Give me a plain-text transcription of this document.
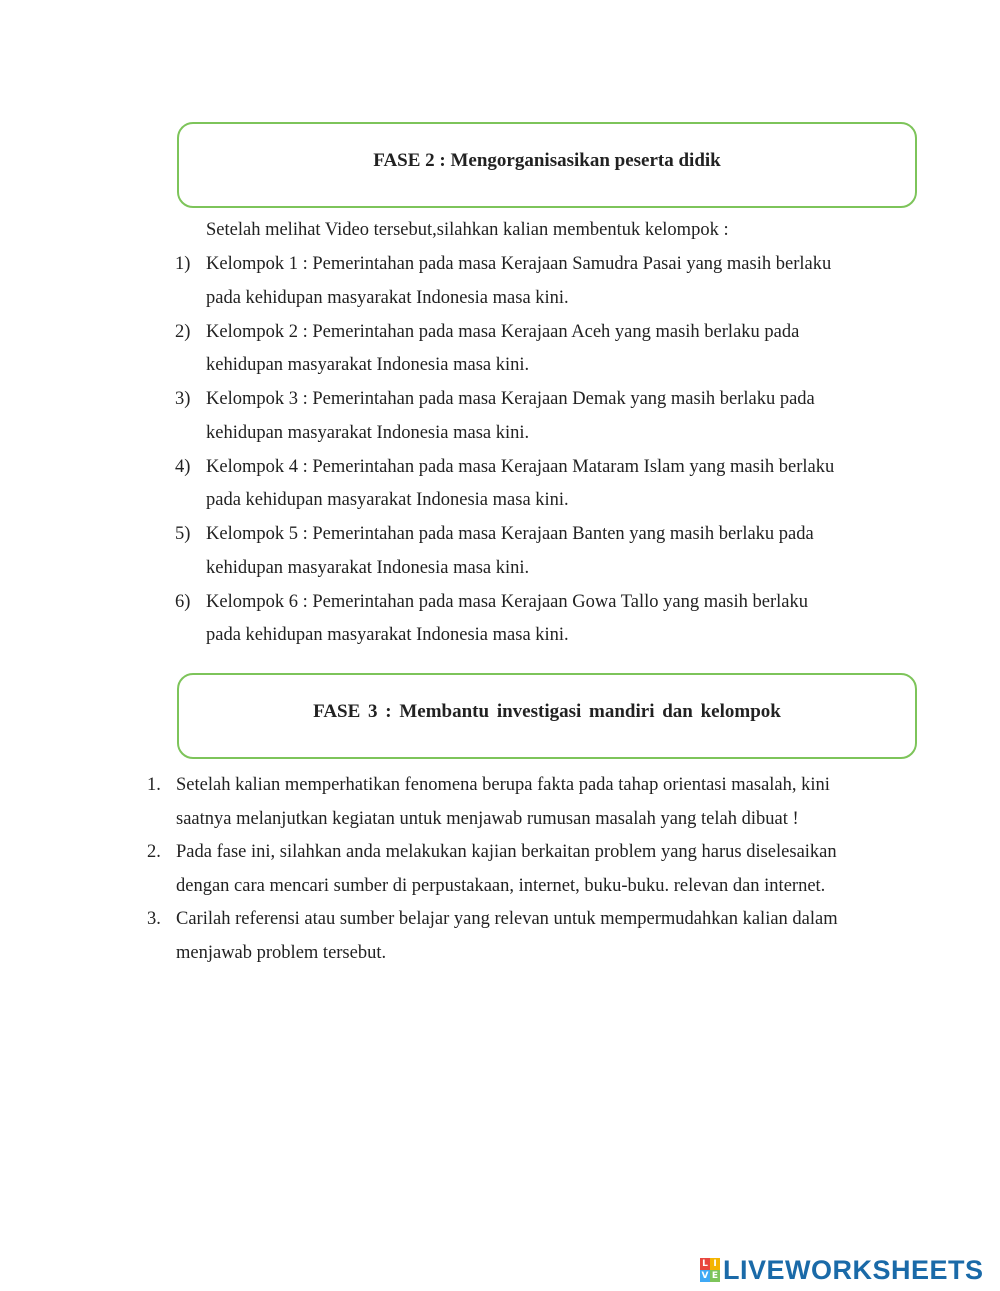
FASE 2 : Mengorganisasikan peserta didik
Setelah melihat Video tersebut,silahkan kalian membentuk kelompok :
1) Kelompok 1 : Pemerintahan pada masa Kerajaan Samudra Pasai yang masih berlaku
pada kehidupan masyarakat Indonesia masa kini.
2) Kelompok 2 : Pemerintahan pada masa Kerajaan Aceh yang masih berlaku pada
kehidupan masyarakat Indonesia masa kini.
3) Kelompok 3 : Pemerintahan pada masa Kerajaan Demak yang masih berlaku pada
kehidupan masyarakat Indonesia masa kini.
4) Kelompok 4 : Pemerintahan pada masa Kerajaan Mataram Islam yang masih berlaku
pada kehidupan masyarakat Indonesia masa kini.
5) Kelompok 5 : Pemerintahan pada masa Kerajaan Banten yang masih berlaku pada
kehidupan masyarakat Indonesia masa kini.
6) Kelompok 6 : Pemerintahan pada masa Kerajaan Gowa Tallo yang masih berlaku
pada kehidupan masyarakat Indonesia masa kini.
FASE 3 : Membantu investigasi mandiri dan kelompok
1. Setelah kalian memperhatikan fenomena berupa fakta pada tahap orientasi masalah, kini
saatnya melanjutkan kegiatan untuk menjawab rumusan masalah yang telah dibuat !
2. Pada fase ini, silahkan anda melakukan kajian berkaitan problem yang harus diselesaikan
dengan cara mencari sumber di perpustakaan, internet, buku-buku. relevan dan internet.
3. Carilah referensi atau sumber belajar yang relevan untuk mempermudahkan kalian dalam
menjawab problem tersebut.
L I
V E LIVEWORKSHEETS
